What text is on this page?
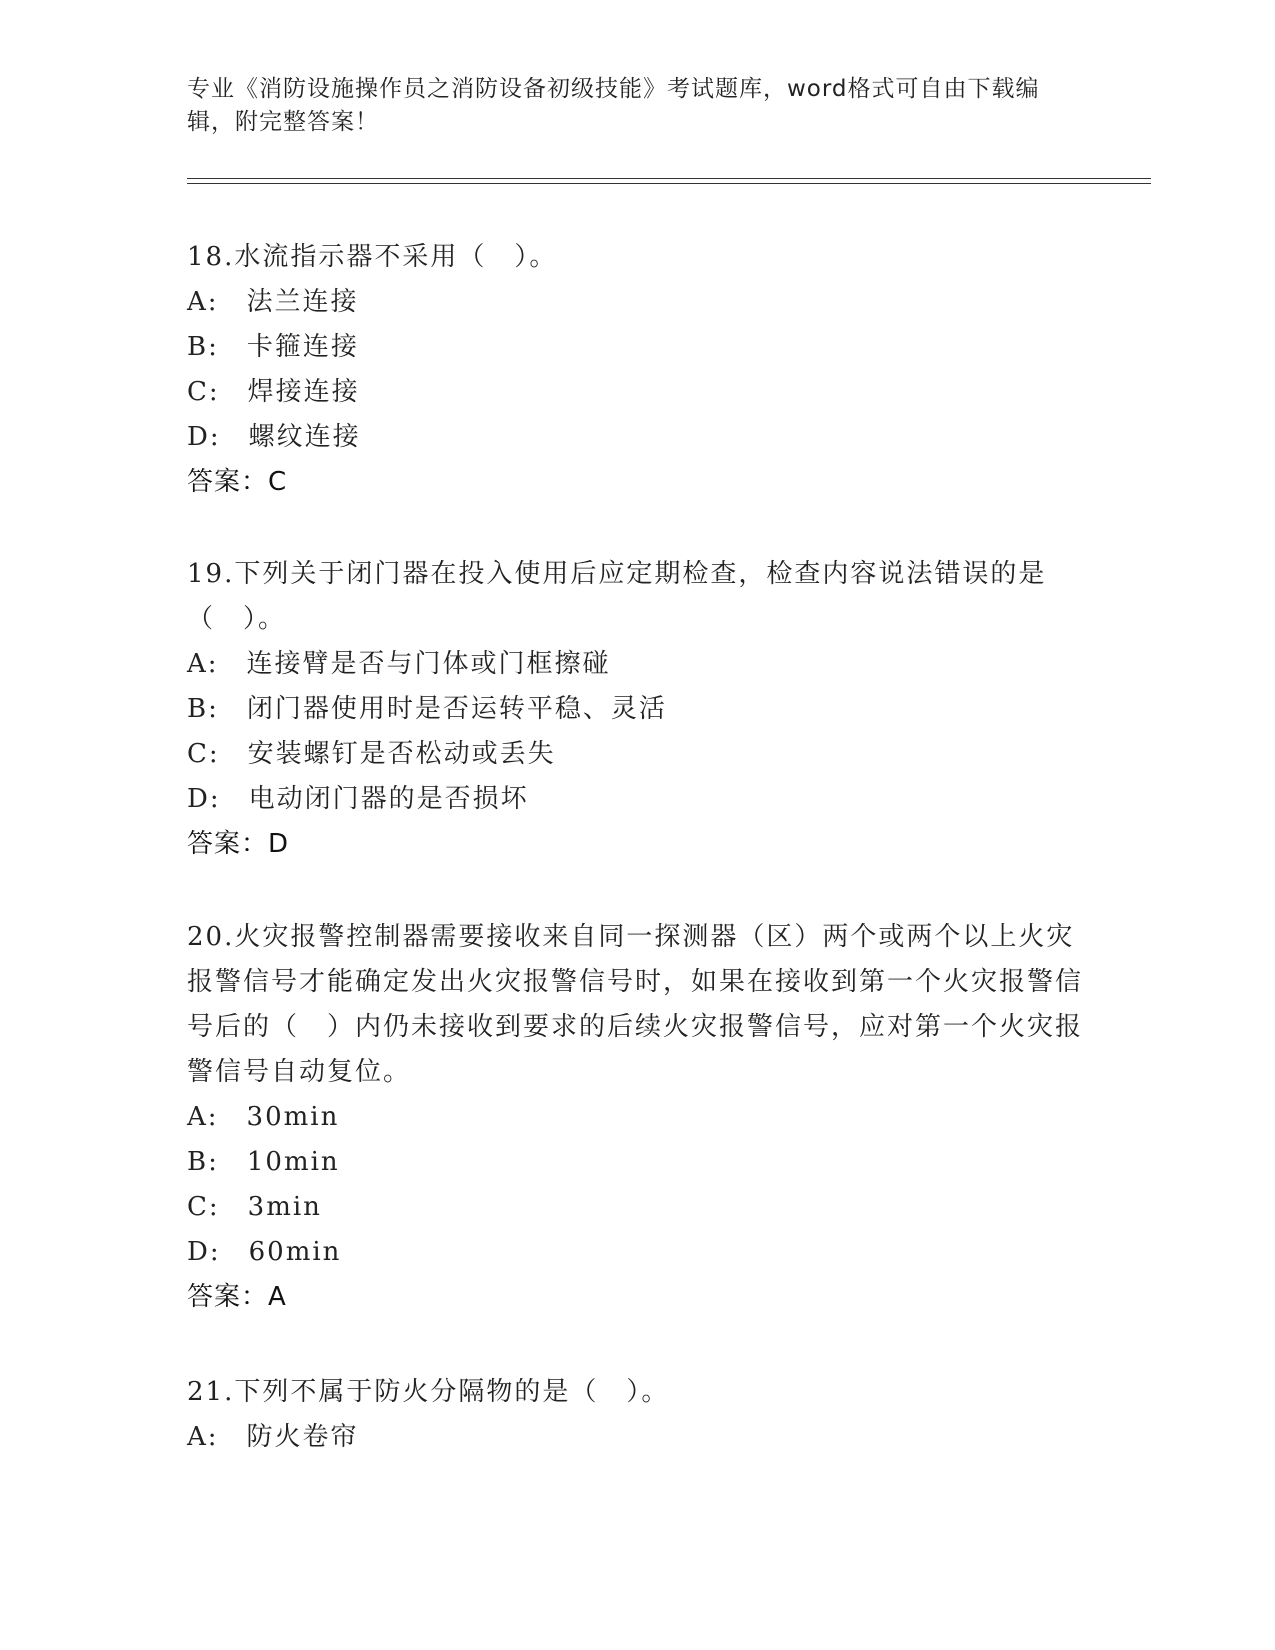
专业《消防设施操作员之消防设备初级技能》考试题库，word格式可自由下载编辑，附完整答案！

18.水流指示器不采用（　）。

A:　法兰连接

B:　卡箍连接

C:　焊接连接

D:　螺纹连接

答案：C

19.下列关于闭门器在投入使用后应定期检查，检查内容说法错误的是（　）。

A:　连接臂是否与门体或门框擦碰

B:　闭门器使用时是否运转平稳、灵活

C:　安装螺钉是否松动或丢失

D:　电动闭门器的是否损坏

答案：D

20.火灾报警控制器需要接收来自同一探测器（区）两个或两个以上火灾报警信号才能确定发出火灾报警信号时，如果在接收到第一个火灾报警信号后的（　）内仍未接收到要求的后续火灾报警信号，应对第一个火灾报警信号自动复位。

A:　30min

B:　10min

C:　3min

D:　60min

答案：A

21.下列不属于防火分隔物的是（　）。

A:　防火卷帘
